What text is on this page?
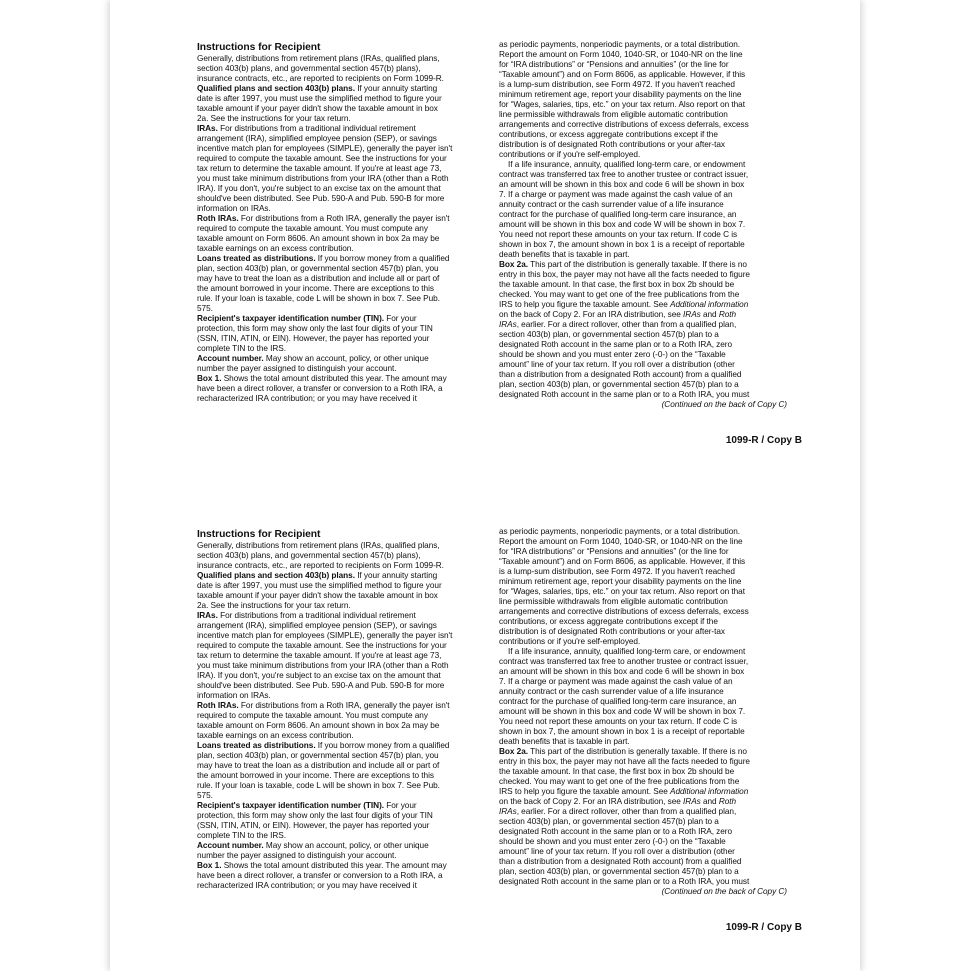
Instructions for Recipient

Generally, distributions from retirement plans (IRAs, qualified plans,
section 403(b) plans, and governmental section 457(b) plans),
insurance contracts, etc., are reported to recipients on Form 1099-R.

Qualified plans and section 403(b) plans. If your annuity starting
date is after 1997, you must use the simplified method to figure your
taxable amount if your payer didn't show the taxable amount in box
2a. See the instructions for your tax return.

IRAs. For distributions from a traditional individual retirement
arrangement (IRA), simplified employee pension (SEP), or savings
incentive match plan for employees (SIMPLE), generally the payer isn't
required to compute the taxable amount. See the instructions for your
tax return to determine the taxable amount. If you're at least age 73,
you must take minimum distributions from your IRA (other than a Roth
IRA). If you don't, you're subject to an excise tax on the amount that
should've been distributed. See Pub. 590-A and Pub. 590-B for more
information on IRAs.

Roth IRAs. For distributions from a Roth IRA, generally the payer isn't
required to compute the taxable amount. You must compute any
taxable amount on Form 8606. An amount shown in box 2a may be
taxable earnings on an excess contribution.

Loans treated as distributions. If you borrow money from a qualified
plan, section 403(b) plan, or governmental section 457(b) plan, you
may have to treat the loan as a distribution and include all or part of
the amount borrowed in your income. There are exceptions to this
rule. If your loan is taxable, code L will be shown in box 7. See Pub.
575.

Recipient's taxpayer identification number (TIN). For your
protection, this form may show only the last four digits of your TIN
(SSN, ITIN, ATIN, or EIN). However, the payer has reported your
complete TIN to the IRS.

Account number. May show an account, policy, or other unique
number the payer assigned to distinguish your account.

Box 1. Shows the total amount distributed this year. The amount may
have been a direct rollover, a transfer or conversion to a Roth IRA, a
recharacterized IRA contribution; or you may have received it

as periodic payments, nonperiodic payments, or a total distribution.
Report the amount on Form 1040, 1040-SR, or 1040-NR on the line
for “IRA distributions” or “Pensions and annuities” (or the line for
“Taxable amount”) and on Form 8606, as applicable. However, if this
is a lump-sum distribution, see Form 4972. If you haven't reached
minimum retirement age, report your disability payments on the line
for “Wages, salaries, tips, etc.” on your tax return. Also report on that
line permissible withdrawals from eligible automatic contribution
arrangements and corrective distributions of excess deferrals, excess
contributions, or excess aggregate contributions except if the
distribution is of designated Roth contributions or your after-tax
contributions or if you're self-employed.

If a life insurance, annuity, qualified long-term care, or endowment
contract was transferred tax free to another trustee or contract issuer,
an amount will be shown in this box and code 6 will be shown in box
7. If a charge or payment was made against the cash value of an
annuity contract or the cash surrender value of a life insurance
contract for the purchase of qualified long-term care insurance, an
amount will be shown in this box and code W will be shown in box 7.
You need not report these amounts on your tax return. If code C is
shown in box 7, the amount shown in box 1 is a receipt of reportable
death benefits that is taxable in part.

Box 2a. This part of the distribution is generally taxable. If there is no
entry in this box, the payer may not have all the facts needed to figure
the taxable amount. In that case, the first box in box 2b should be
checked. You may want to get one of the free publications from the
IRS to help you figure the taxable amount. See Additional information
on the back of Copy 2. For an IRA distribution, see IRAs and Roth
IRAs, earlier. For a direct rollover, other than from a qualified plan,
section 403(b) plan, or governmental section 457(b) plan to a
designated Roth account in the same plan or to a Roth IRA, zero
should be shown and you must enter zero (-0-) on the “Taxable
amount” line of your tax return. If you roll over a distribution (other
than a distribution from a designated Roth account) from a qualified
plan, section 403(b) plan, or governmental section 457(b) plan to a
designated Roth account in the same plan or to a Roth IRA, you must

(Continued on the back of Copy C)
1099-R / Copy B
Instructions for Recipient

Generally, distributions from retirement plans (IRAs, qualified plans,
section 403(b) plans, and governmental section 457(b) plans),
insurance contracts, etc., are reported to recipients on Form 1099-R.

Qualified plans and section 403(b) plans. If your annuity starting
date is after 1997, you must use the simplified method to figure your
taxable amount if your payer didn't show the taxable amount in box
2a. See the instructions for your tax return.

IRAs. For distributions from a traditional individual retirement
arrangement (IRA), simplified employee pension (SEP), or savings
incentive match plan for employees (SIMPLE), generally the payer isn't
required to compute the taxable amount. See the instructions for your
tax return to determine the taxable amount. If you're at least age 73,
you must take minimum distributions from your IRA (other than a Roth
IRA). If you don't, you're subject to an excise tax on the amount that
should've been distributed. See Pub. 590-A and Pub. 590-B for more
information on IRAs.

Roth IRAs. For distributions from a Roth IRA, generally the payer isn't
required to compute the taxable amount. You must compute any
taxable amount on Form 8606. An amount shown in box 2a may be
taxable earnings on an excess contribution.

Loans treated as distributions. If you borrow money from a qualified
plan, section 403(b) plan, or governmental section 457(b) plan, you
may have to treat the loan as a distribution and include all or part of
the amount borrowed in your income. There are exceptions to this
rule. If your loan is taxable, code L will be shown in box 7. See Pub.
575.

Recipient's taxpayer identification number (TIN). For your
protection, this form may show only the last four digits of your TIN
(SSN, ITIN, ATIN, or EIN). However, the payer has reported your
complete TIN to the IRS.

Account number. May show an account, policy, or other unique
number the payer assigned to distinguish your account.

Box 1. Shows the total amount distributed this year. The amount may
have been a direct rollover, a transfer or conversion to a Roth IRA, a
recharacterized IRA contribution; or you may have received it

as periodic payments, nonperiodic payments, or a total distribution.
Report the amount on Form 1040, 1040-SR, or 1040-NR on the line
for “IRA distributions” or “Pensions and annuities” (or the line for
“Taxable amount”) and on Form 8606, as applicable. However, if this
is a lump-sum distribution, see Form 4972. If you haven't reached
minimum retirement age, report your disability payments on the line
for “Wages, salaries, tips, etc.” on your tax return. Also report on that
line permissible withdrawals from eligible automatic contribution
arrangements and corrective distributions of excess deferrals, excess
contributions, or excess aggregate contributions except if the
distribution is of designated Roth contributions or your after-tax
contributions or if you're self-employed.

If a life insurance, annuity, qualified long-term care, or endowment
contract was transferred tax free to another trustee or contract issuer,
an amount will be shown in this box and code 6 will be shown in box
7. If a charge or payment was made against the cash value of an
annuity contract or the cash surrender value of a life insurance
contract for the purchase of qualified long-term care insurance, an
amount will be shown in this box and code W will be shown in box 7.
You need not report these amounts on your tax return. If code C is
shown in box 7, the amount shown in box 1 is a receipt of reportable
death benefits that is taxable in part.

Box 2a. This part of the distribution is generally taxable. If there is no
entry in this box, the payer may not have all the facts needed to figure
the taxable amount. In that case, the first box in box 2b should be
checked. You may want to get one of the free publications from the
IRS to help you figure the taxable amount. See Additional information
on the back of Copy 2. For an IRA distribution, see IRAs and Roth
IRAs, earlier. For a direct rollover, other than from a qualified plan,
section 403(b) plan, or governmental section 457(b) plan to a
designated Roth account in the same plan or to a Roth IRA, zero
should be shown and you must enter zero (-0-) on the “Taxable
amount” line of your tax return. If you roll over a distribution (other
than a distribution from a designated Roth account) from a qualified
plan, section 403(b) plan, or governmental section 457(b) plan to a
designated Roth account in the same plan or to a Roth IRA, you must

(Continued on the back of Copy C)
1099-R / Copy B
